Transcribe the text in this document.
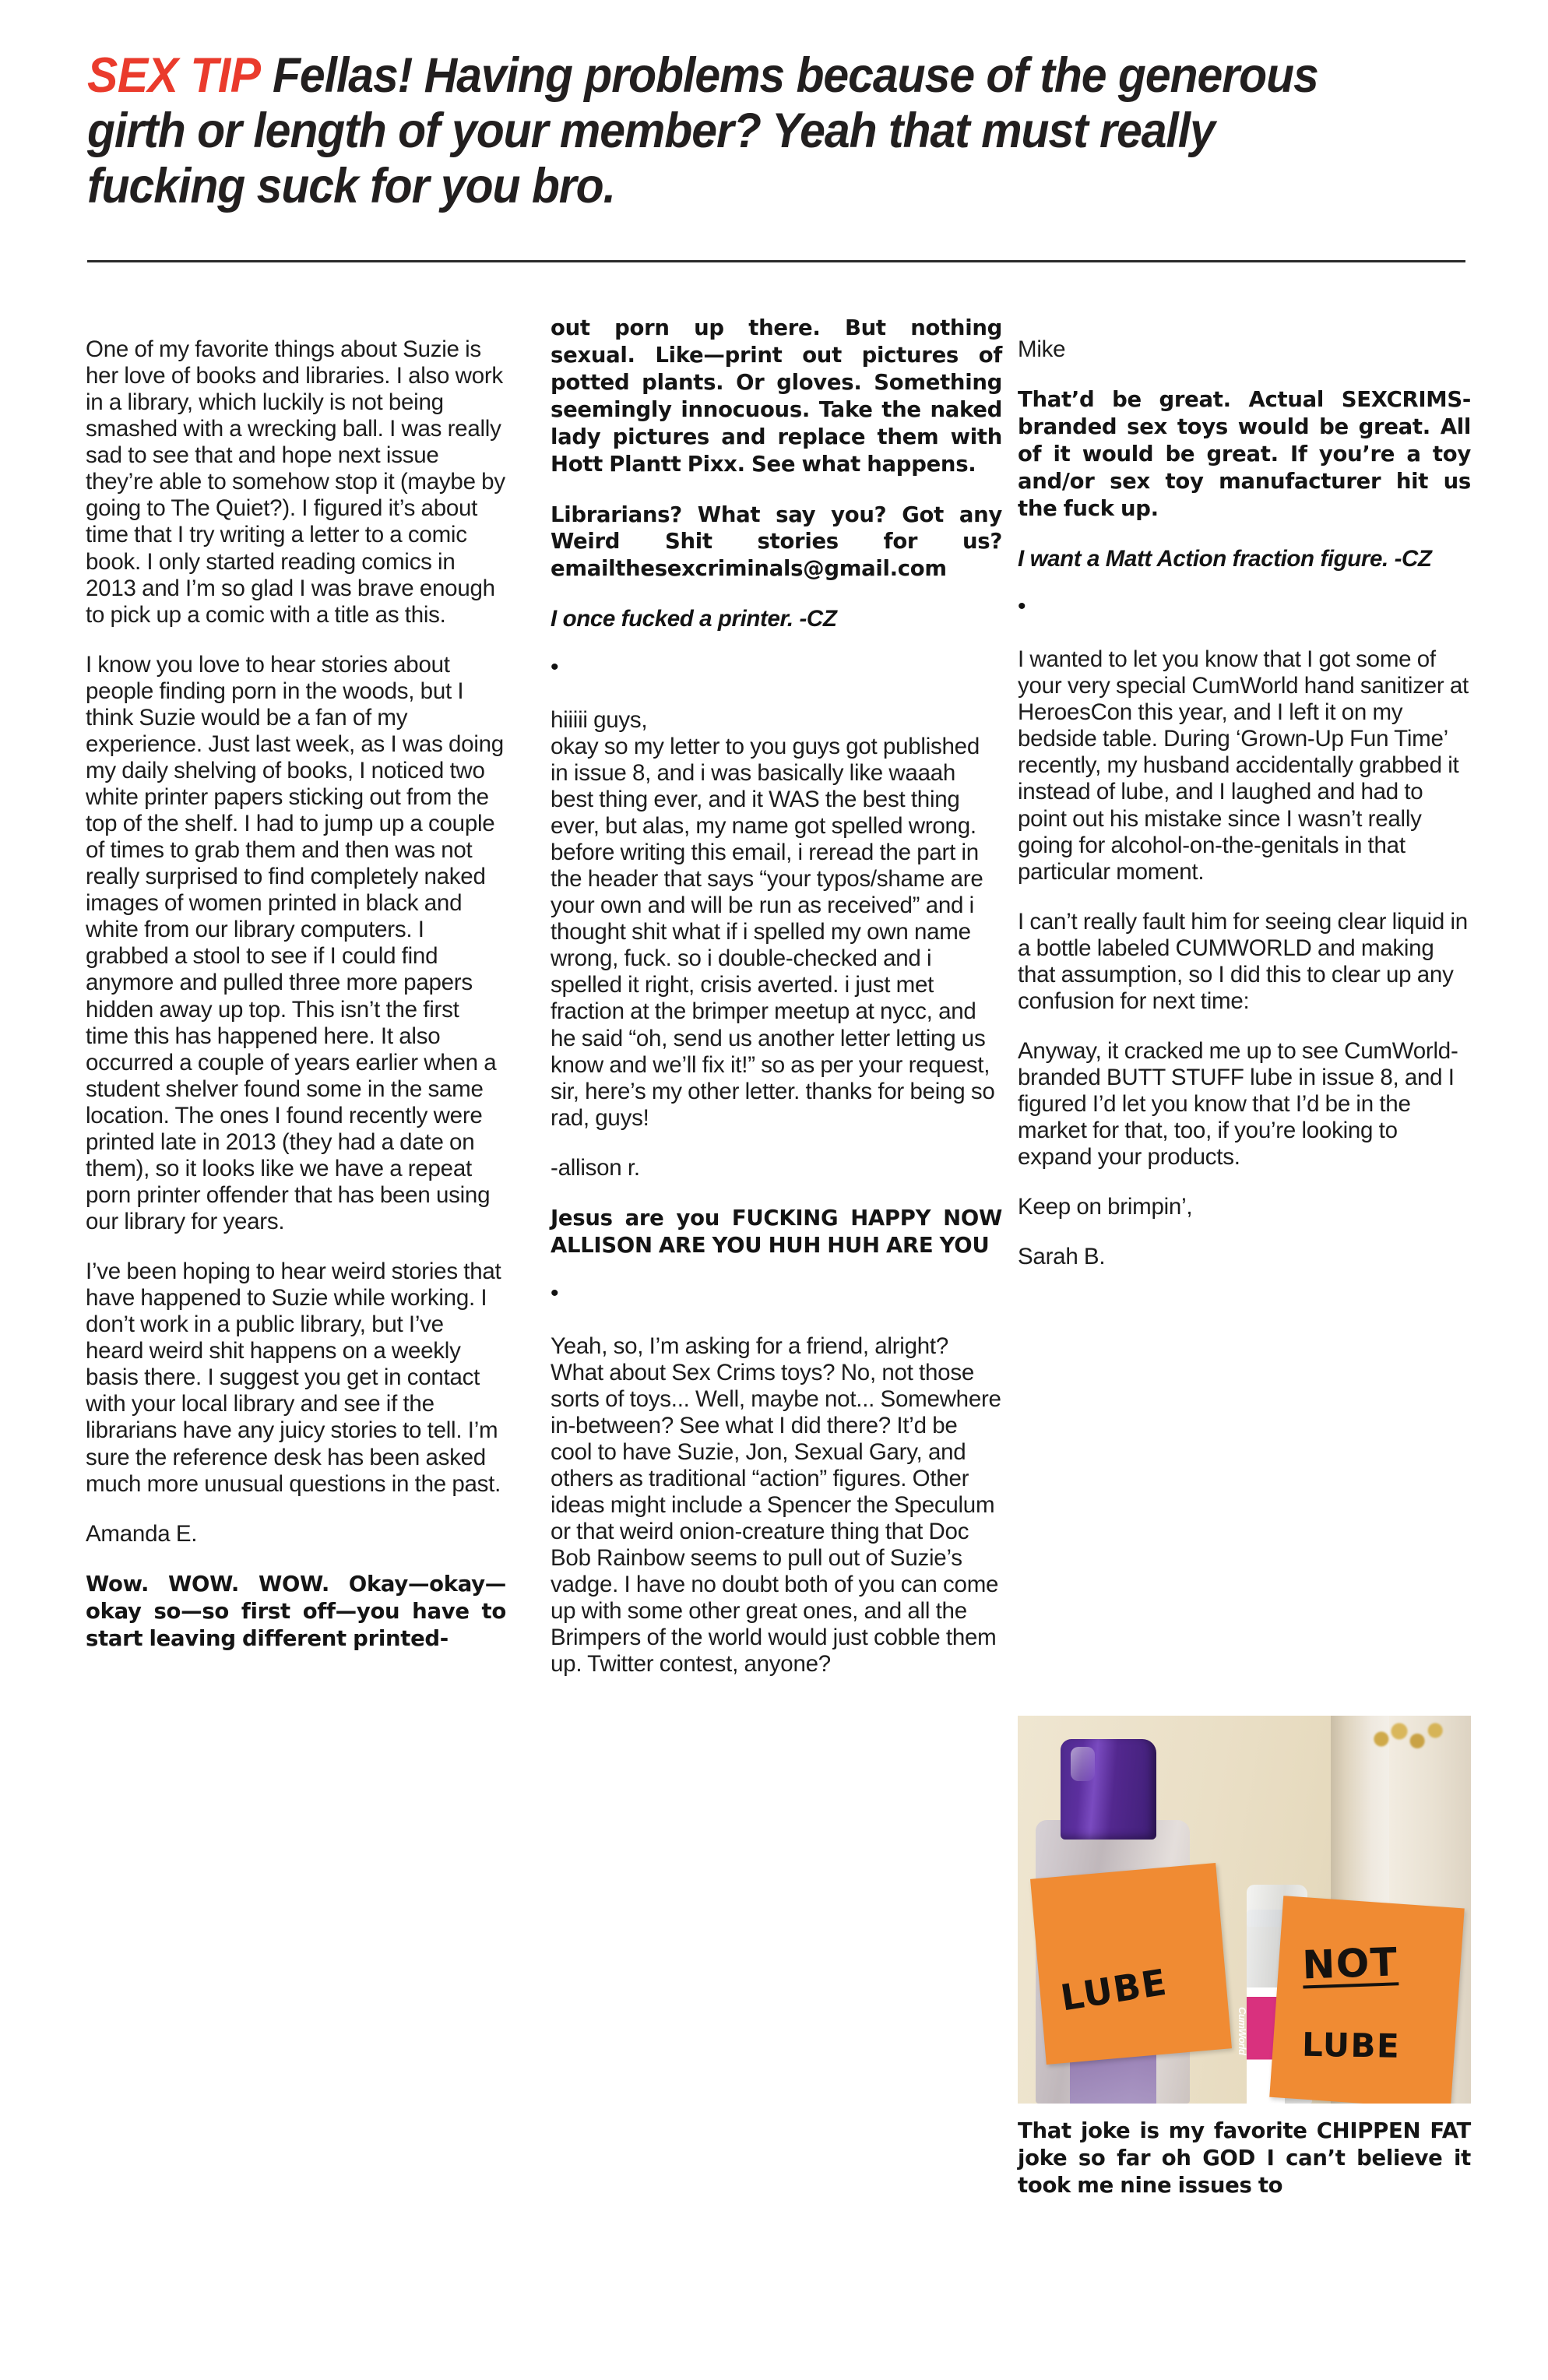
SEX TIP Fellas! Having problems because of the generous girth or length of your member? Yeah that must really fucking suck for you bro.

One of my favorite things about Suzie is her love of books and libraries. I also work in a library, which luckily is not being smashed with a wrecking ball. I was really sad to see that and hope next issue they’re able to somehow stop it (maybe by going to The Quiet?). I figured it’s about time that I try writing a letter to a comic book. I only started reading comics in 2013 and I’m so glad I was brave enough to pick up a comic with a title as this.

I know you love to hear stories about people finding porn in the woods, but I think Suzie would be a fan of my experience. Just last week, as I was doing my daily shelving of books, I noticed two white printer papers sticking out from the top of the shelf. I had to jump up a couple of times to grab them and then was not really surprised to find completely naked images of women printed in black and white from our library computers. I grabbed a stool to see if I could find anymore and pulled three more papers hidden away up top. This isn’t the first time this has happened here. It also occurred a couple of years earlier when a student shelver found some in the same location. The ones I found recently were printed late in 2013 (they had a date on them), so it looks like we have a repeat porn printer offender that has been using our library for years.

I’ve been hoping to hear weird stories that have happened to Suzie while working. I don’t work in a public library, but I’ve heard weird shit happens on a weekly basis there. I suggest you get in contact with your local library and see if the librarians have any juicy stories to tell. I’m sure the reference desk has been asked much more unusual questions in the past.

Amanda E.

Wow. WOW. WOW. Okay—okay—okay so—so first off—you have to start leaving different printed-

out porn up there. But nothing sexual. Like—print out pictures of potted plants. Or gloves. Something seemingly innocuous. Take the naked lady pictures and replace them with Hott Plantt Pixx. See what happens.

Librarians? What say you? Got any Weird Shit stories for us? emailthesexcriminals@gmail.com

I once fucked a printer. -CZ

•

hiiiii guys,

okay so my letter to you guys got published in issue 8, and i was basically like waaah best thing ever, and it WAS the best thing ever, but alas, my name got spelled wrong. before writing this email, i reread the part in the header that says “your typos/shame are your own and will be run as received” and i thought shit what if i spelled my own name wrong, fuck. so i double-checked and i spelled it right, crisis averted. i just met fraction at the brimper meetup at nycc, and he said “oh, send us another letter letting us know and we’ll fix it!” so as per your request, sir, here’s my other letter. thanks for being so rad, guys!

-allison r.

Jesus are you FUCKING HAPPY NOW ALLISON ARE YOU HUH HUH ARE YOU

•

Yeah, so, I’m asking for a friend, alright? What about Sex Crims toys? No, not those sorts of toys... Well, maybe not... Somewhere in-between? See what I did there? It’d be cool to have Suzie, Jon, Sexual Gary, and others as traditional “action” figures. Other ideas might include a Spencer the Speculum or that weird onion-creature thing that Doc Bob Rainbow seems to pull out of Suzie’s vadge. I have no doubt both of you can come up with some other great ones, and all the Brimpers of the world would just cobble them up. Twitter contest, anyone?

Mike

That’d be great. Actual SEXCRIMS-branded sex toys would be great. All of it would be great. If you’re a toy and/or sex toy manufacturer hit us the fuck up.

I want a Matt Action fraction figure. -CZ

•

I wanted to let you know that I got some of your very special CumWorld hand sanitizer at HeroesCon this year, and I left it on my bedside table. During ‘Grown-Up Fun Time’ recently, my husband accidentally grabbed it instead of lube, and I laughed and had to point out his mistake since I wasn’t really going for alcohol-on-the-genitals in that particular moment.

I can’t really fault him for seeing clear liquid in a bottle labeled CUMWORLD and making that assumption, so I did this to clear up any confusion for next time:

Anyway, it cracked me up to see CumWorld-branded BUTT STUFF lube in issue 8, and I figured I’d let you know that I’d be in the market for that, too, if you’re looking to expand your products.

Keep on brimpin’,

Sarah B.

CumWorld
LUBE	NOT
LUBE
That joke is my favorite CHIPPEN FAT joke so far oh GOD I can’t believe it took me nine issues to
